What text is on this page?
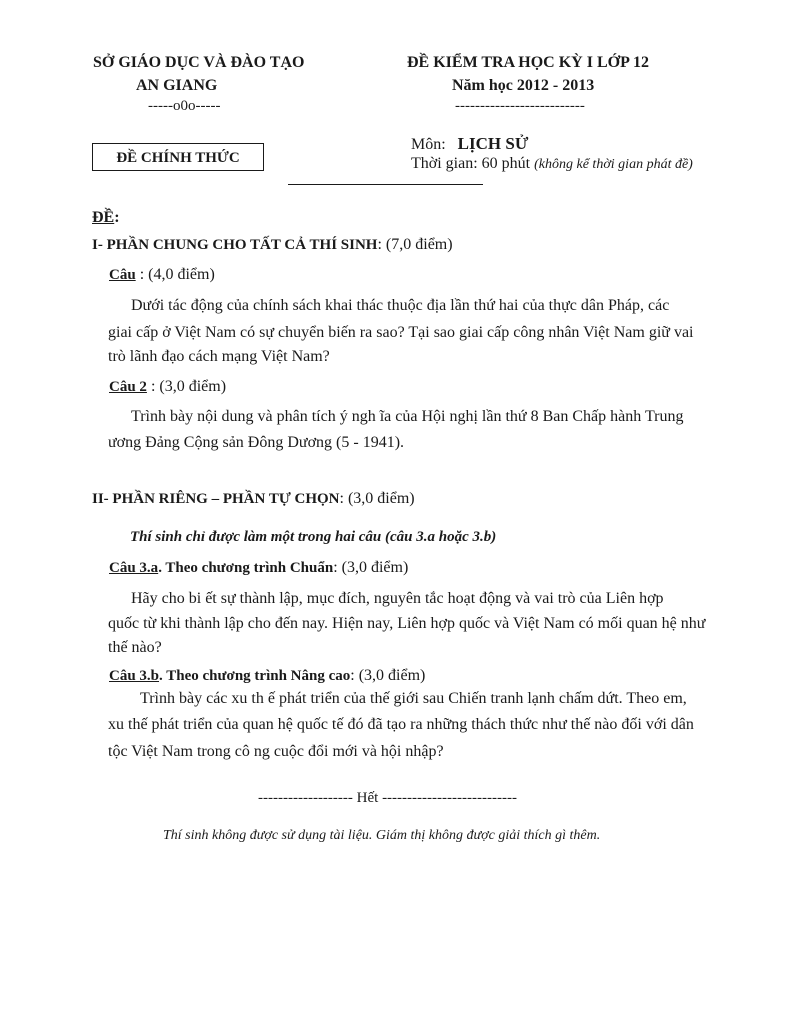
SỞ GIÁO DỤC VÀ ĐÀO TẠO
AN GIANG
-----o0o-----
ĐỀ KIỂM TRA HỌC KỲ I LỚP 12
Năm học 2012 - 2013
--------------------------
ĐỀ CHÍNH THỨC
Môn: LỊCH SỬ
Thời gian: 60 phút (không kể thời gian phát đề)
ĐỀ:
I- PHẦN CHUNG CHO TẤT CẢ THÍ SINH: (7,0 điểm)
Câu : (4,0 điểm)
Dưới tác động của chính sách khai thác thuộc địa lần thứ hai của thực dân Pháp, các
giai cấp ở Việt Nam có sự chuyển biến ra sao? Tại sao giai cấp công nhân Việt Nam giữ vai
trò lãnh đạo cách mạng Việt Nam?
Câu 2 : (3,0 điểm)
Trình bày nội dung và phân tích ý ngh ĩa của Hội nghị lần thứ 8 Ban Chấp hành Trung
ương Đảng Cộng sản Đông Dương (5 - 1941).
II- PHẦN RIÊNG – PHẦN TỰ CHỌN: (3,0 điểm)
Thí sinh chỉ được làm một trong hai câu (câu 3.a hoặc 3.b)
Câu 3.a. Theo chương trình Chuẩn: (3,0 điểm)
Hãy cho bi ết sự thành lập, mục đích, nguyên tắc hoạt động và vai trò của Liên hợp
quốc từ khi thành lập cho đến nay. Hiện nay, Liên hợp quốc và Việt Nam có mối quan hệ như
thế nào?
Câu 3.b. Theo chương trình Nâng cao: (3,0 điểm)
Trình bày các xu th ế phát triển của thế giới sau Chiến tranh lạnh chấm dứt. Theo em,
xu thế phát triển của quan hệ quốc tế đó đã tạo ra những thách thức như thế nào đối với dân
tộc Việt Nam trong cô ng cuộc đổi mới và hội nhập?
------------------- Hết ---------------------------
Thí sinh không được sử dụng tài liệu. Giám thị không được giải thích gì thêm.
